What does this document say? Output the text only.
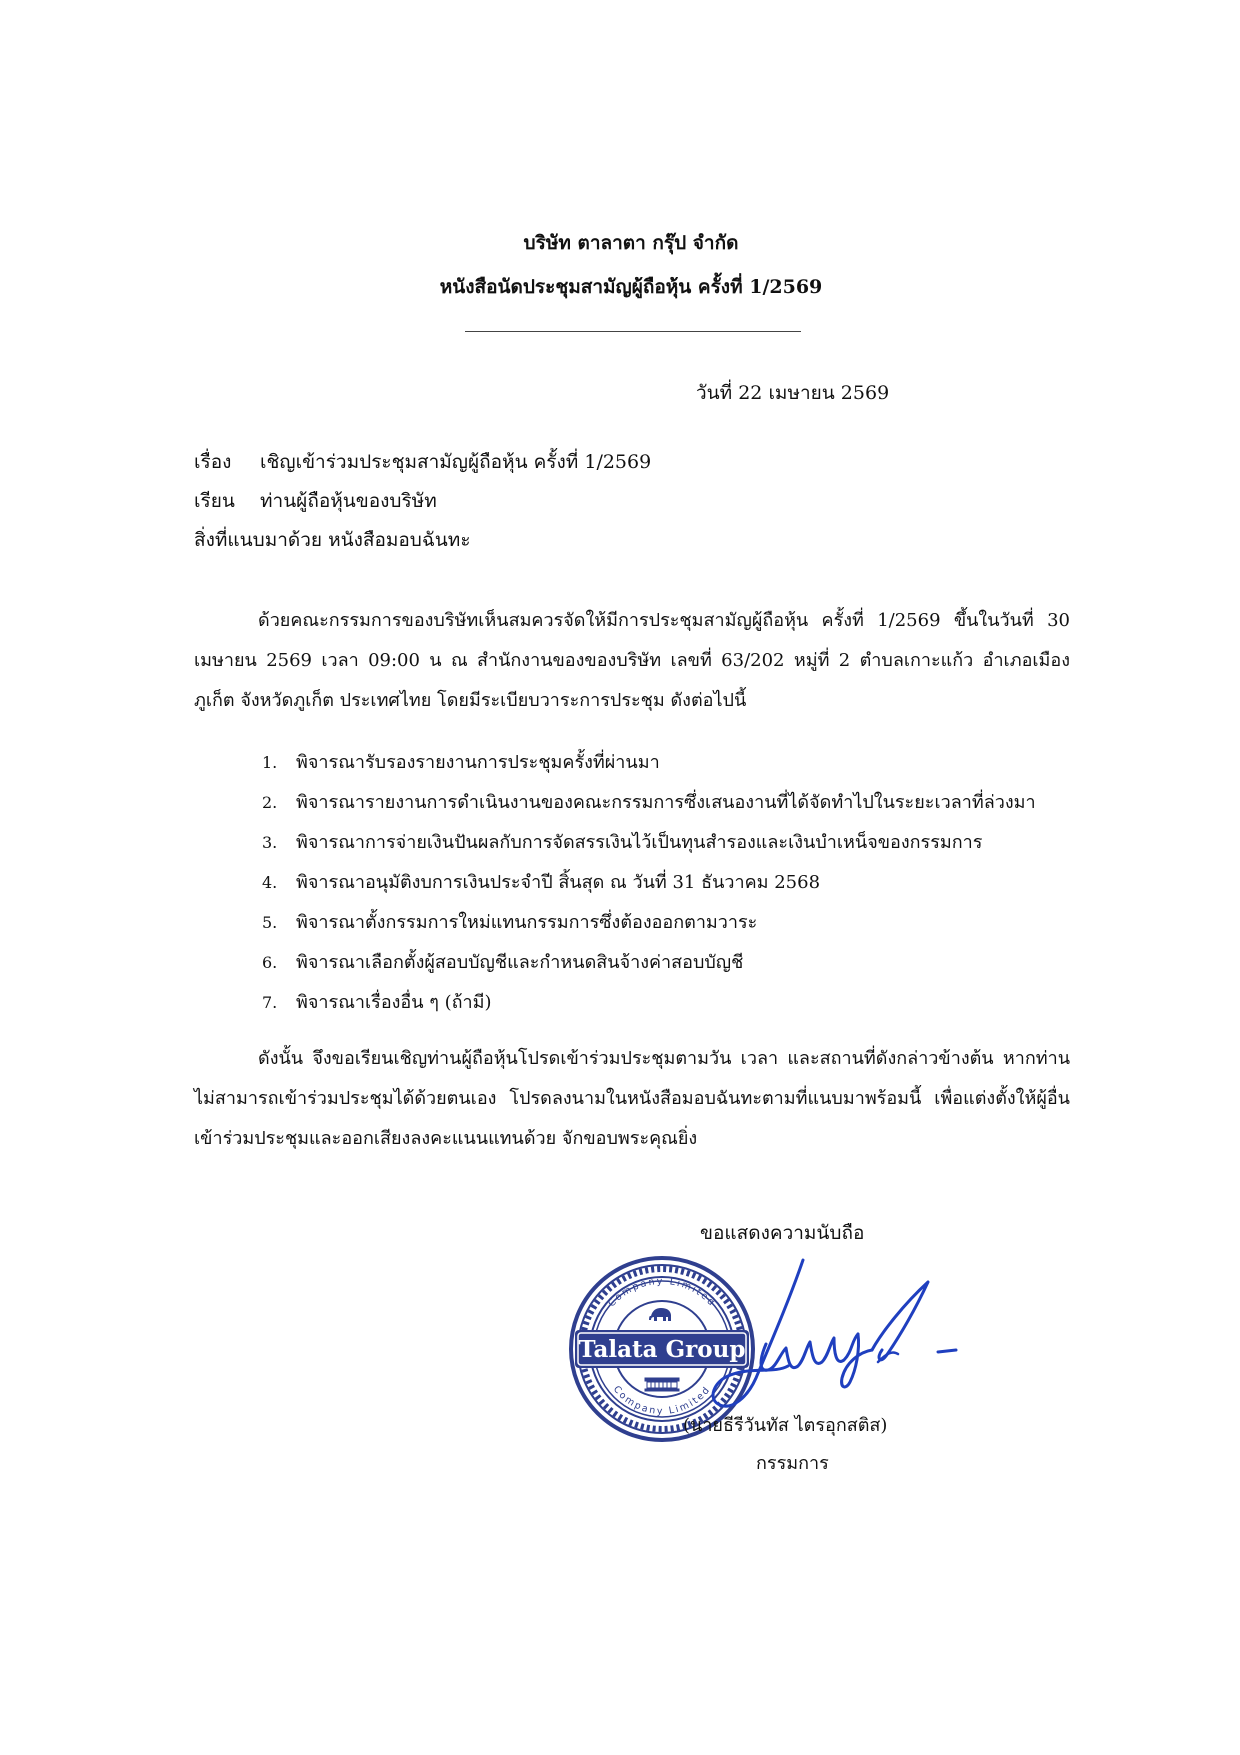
บริษัท ตาลาตา กรุ๊ป จำกัด
หนังสือนัดประชุมสามัญผู้ถือหุ้น ครั้งที่ 1/2569
วันที่ 22 เมษายน 2569
เรื่อง เชิญเข้าร่วมประชุมสามัญผู้ถือหุ้น ครั้งที่ 1/2569
เรียน ท่านผู้ถือหุ้นของบริษัท
สิ่งที่แนบมาด้วย หนังสือมอบฉันทะ
ด้วยคณะกรรมการของบริษัทเห็นสมควรจัดให้มีการประชุมสามัญผู้ถือหุ้น ครั้งที่ 1/2569 ขึ้นในวันที่ 30 เมษายน 2569 เวลา 09:00 น ณ สำนักงานของของบริษัท เลขที่ 63/202 หมู่ที่ 2 ตำบลเกาะแก้ว อำเภอเมือง ภูเก็ต จังหวัดภูเก็ต ประเทศไทย โดยมีระเบียบวาระการประชุม ดังต่อไปนี้
1. พิจารณารับรองรายงานการประชุมครั้งที่ผ่านมา
2. พิจารณารายงานการดำเนินงานของคณะกรรมการซึ่งเสนองานที่ได้จัดทำไปในระยะเวลาที่ล่วงมา
3. พิจารณาการจ่ายเงินปันผลกับการจัดสรรเงินไว้เป็นทุนสำรองและเงินบำเหน็จของกรรมการ
4. พิจารณาอนุมัติงบการเงินประจำปี สิ้นสุด ณ วันที่ 31 ธันวาคม 2568
5. พิจารณาตั้งกรรมการใหม่แทนกรรมการซึ่งต้องออกตามวาระ
6. พิจารณาเลือกตั้งผู้สอบบัญชีและกำหนดสินจ้างค่าสอบบัญชี
7. พิจารณาเรื่องอื่น ๆ (ถ้ามี)
ดังนั้น จึงขอเรียนเชิญท่านผู้ถือหุ้นโปรดเข้าร่วมประชุมตามวัน เวลา และสถานที่ดังกล่าวข้างต้น หากท่านไม่สามารถเข้าร่วมประชุมได้ด้วยตนเอง โปรดลงนามในหนังสือมอบฉันทะตามที่แนบมาพร้อมนี้ เพื่อแต่งตั้งให้ผู้อื่นเข้าร่วมประชุมและออกเสียงลงคะแนนแทนด้วย จักขอบพระคุณยิ่ง
ขอแสดงความนับถือ
Talata Group
Company Limited
Company Limited
(นายธีรีวันทัส ไตรอุกสติส)
กรรมการ
